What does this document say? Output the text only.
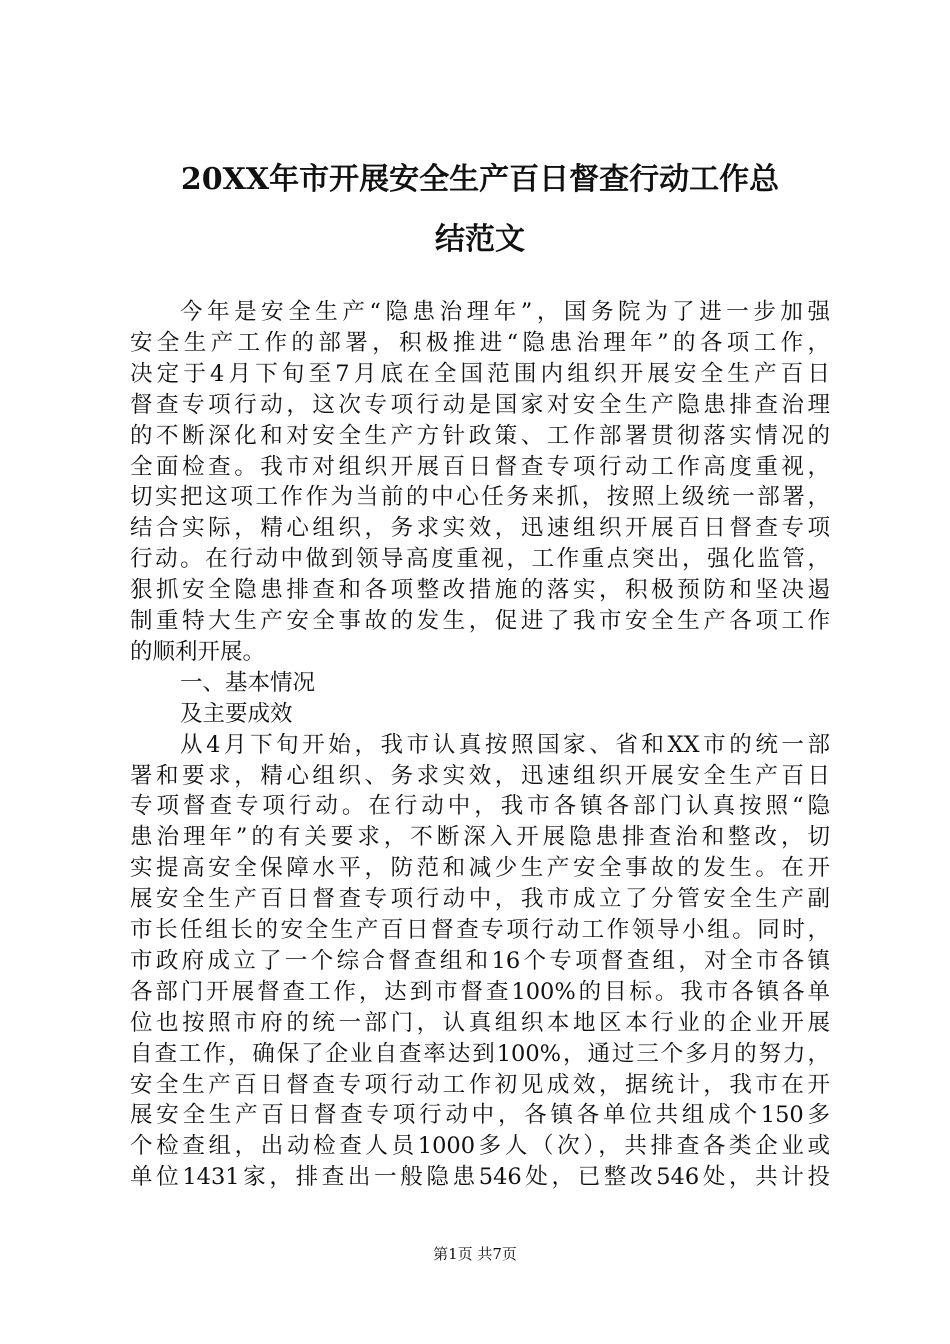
20XX年市开展安全生产百日督查行动工作总
结范文
今年是安全生产“隐患治理年”，国务院为了进一步加强
安全生产工作的部署，积极推进“隐患治理年”的各项工作，
决定于4月下旬至7月底在全国范围内组织开展安全生产百日
督查专项行动，这次专项行动是国家对安全生产隐患排查治理
的不断深化和对安全生产方针政策、工作部署贯彻落实情况的
全面检查。我市对组织开展百日督查专项行动工作高度重视，
切实把这项工作作为当前的中心任务来抓，按照上级统一部署，
结合实际，精心组织，务求实效，迅速组织开展百日督查专项
行动。在行动中做到领导高度重视，工作重点突出，强化监管，
狠抓安全隐患排查和各项整改措施的落实，积极预防和坚决遏
制重特大生产安全事故的发生，促进了我市安全生产各项工作
的顺利开展。
一、基本情况
及主要成效
从4月下旬开始，我市认真按照国家、省和XX市的统一部
署和要求，精心组织、务求实效，迅速组织开展安全生产百日
专项督查专项行动。在行动中，我市各镇各部门认真按照“隐
患治理年”的有关要求，不断深入开展隐患排查治和整改，切
实提高安全保障水平，防范和减少生产安全事故的发生。在开
展安全生产百日督查专项行动中，我市成立了分管安全生产副
市长任组长的安全生产百日督查专项行动工作领导小组。同时，
市政府成立了一个综合督查组和16个专项督查组，对全市各镇
各部门开展督查工作，达到市督查100%的目标。我市各镇各单
位也按照市府的统一部门，认真组织本地区本行业的企业开展
自查工作，确保了企业自查率达到100%，通过三个多月的努力，
安全生产百日督查专项行动工作初见成效，据统计，我市在开
展安全生产百日督查专项行动中，各镇各单位共组成个150多
个检查组，出动检查人员1000多人（次），共排查各类企业或
单位1431家，排查出一般隐患546处，已整改546处，共计投
第1页 共7页
